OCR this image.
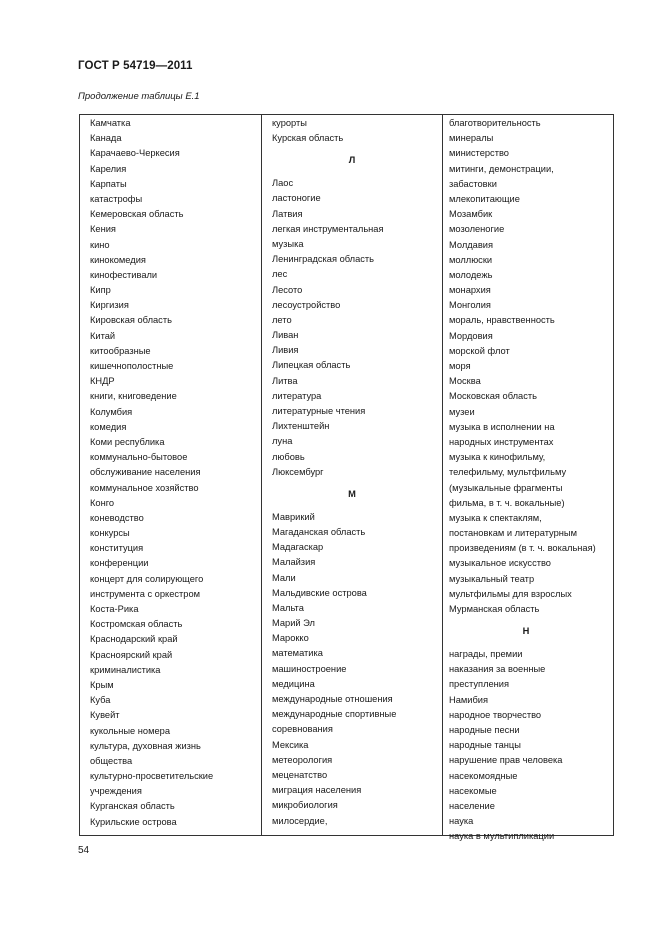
ГОСТ Р 54719—2011
Продолжение таблицы Е.1
Камчатка
Канада
Карачаево-Черкесия
Карелия
Карпаты
катастрофы
Кемеровская область
Кения
кино
кинокомедия
кинофестивали
Кипр
Киргизия
Кировская область
Китай
китообразные
кишечнополостные
КНДР
книги, книговедение
Колумбия
комедия
Коми республика
коммунально-бытовое
обслуживание населения
коммунальное хозяйство
Конго
коневодство
конкурсы
конституция
конференции
концерт для солирующего
инструмента с оркестром
Коста-Рика
Костромская область
Краснодарский край
Красноярский край
криминалистика
Крым
Куба
Кувейт
кукольные номера
культура, духовная жизнь
общества
культурно-просветительские
учреждения
Курганская область
Курильские острова
курорты
Курская область
Л
Лаос
ластоногие
Латвия
легкая инструментальная
музыка
Ленинградская область
лес
Лесото
лесоустройство
лето
Ливан
Ливия
Липецкая область
Литва
литература
литературные чтения
Лихтенштейн
луна
любовь
Люксембург
М
Маврикий
Магаданская область
Мадагаскар
Малайзия
Мали
Мальдивские острова
Мальта
Марий Эл
Марокко
математика
машиностроение
медицина
международные отношения
международные спортивные
соревнования
Мексика
метеорология
меценатство
миграция населения
микробиология
милосердие,
благотворительность
минералы
министерство
митинги, демонстрации,
забастовки
млекопитающие
Мозамбик
мозоленогие
Молдавия
моллюски
молодежь
монархия
Монголия
мораль, нравственность
Мордовия
морской флот
моря
Москва
Московская область
музеи
музыка в исполнении на
народных инструментах
музыка к кинофильму,
телефильму, мультфильму
(музыкальные фрагменты
фильма, в т. ч. вокальные)
музыка к спектаклям,
постановкам и литературным
произведениям (в т. ч. вокальная)
музыкальное искусство
музыкальный театр
мультфильмы для взрослых
Мурманская область
Н
награды, премии
наказания за военные
преступления
Намибия
народное творчество
народные песни
народные танцы
нарушение прав человека
насекомоядные
насекомые
население
наука
наука в мультипликации
54
